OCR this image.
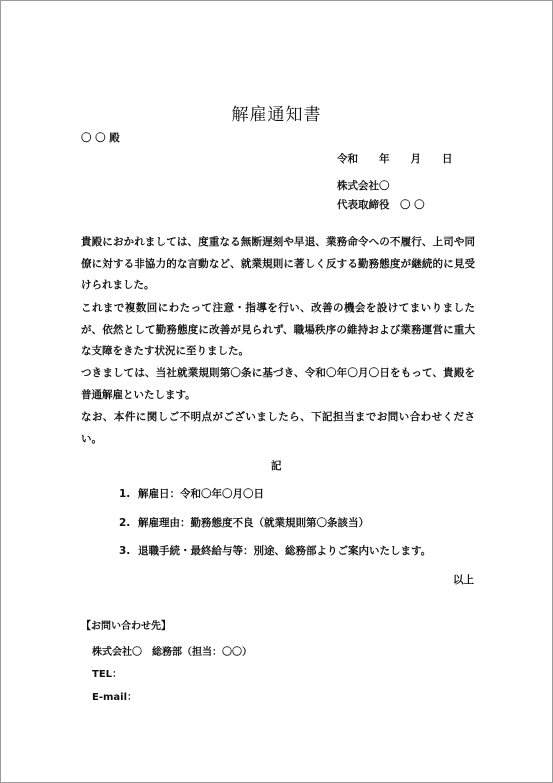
解雇通知書
〇 〇 殿
令和　　年　　月　　日
株式会社〇
代表取締役　〇 〇
貴殿におかれましては、度重なる無断遅刻や早退、業務命令への不履行、上司や同僚に対する非協力的な言動など、就業規則に著しく反する勤務態度が継続的に見受けられました。
これまで複数回にわたって注意・指導を行い、改善の機会を設けてまいりましたが、依然として勤務態度に改善が見られず、職場秩序の維持および業務運営に重大な支障をきたす状況に至りました。
つきましては、当社就業規則第〇条に基づき、令和〇年〇月〇日をもって、貴殿を普通解雇といたします。
なお、本件に関しご不明点がございましたら、下記担当までお問い合わせください。
記
1. 解雇日：令和〇年〇月〇日
2. 解雇理由：勤務態度不良（就業規則第〇条該当）
3. 退職手続・最終給与等：別途、総務部よりご案内いたします。
以上
【お問い合わせ先】
株式会社〇　総務部（担当：〇〇）
TEL：
E-mail：
